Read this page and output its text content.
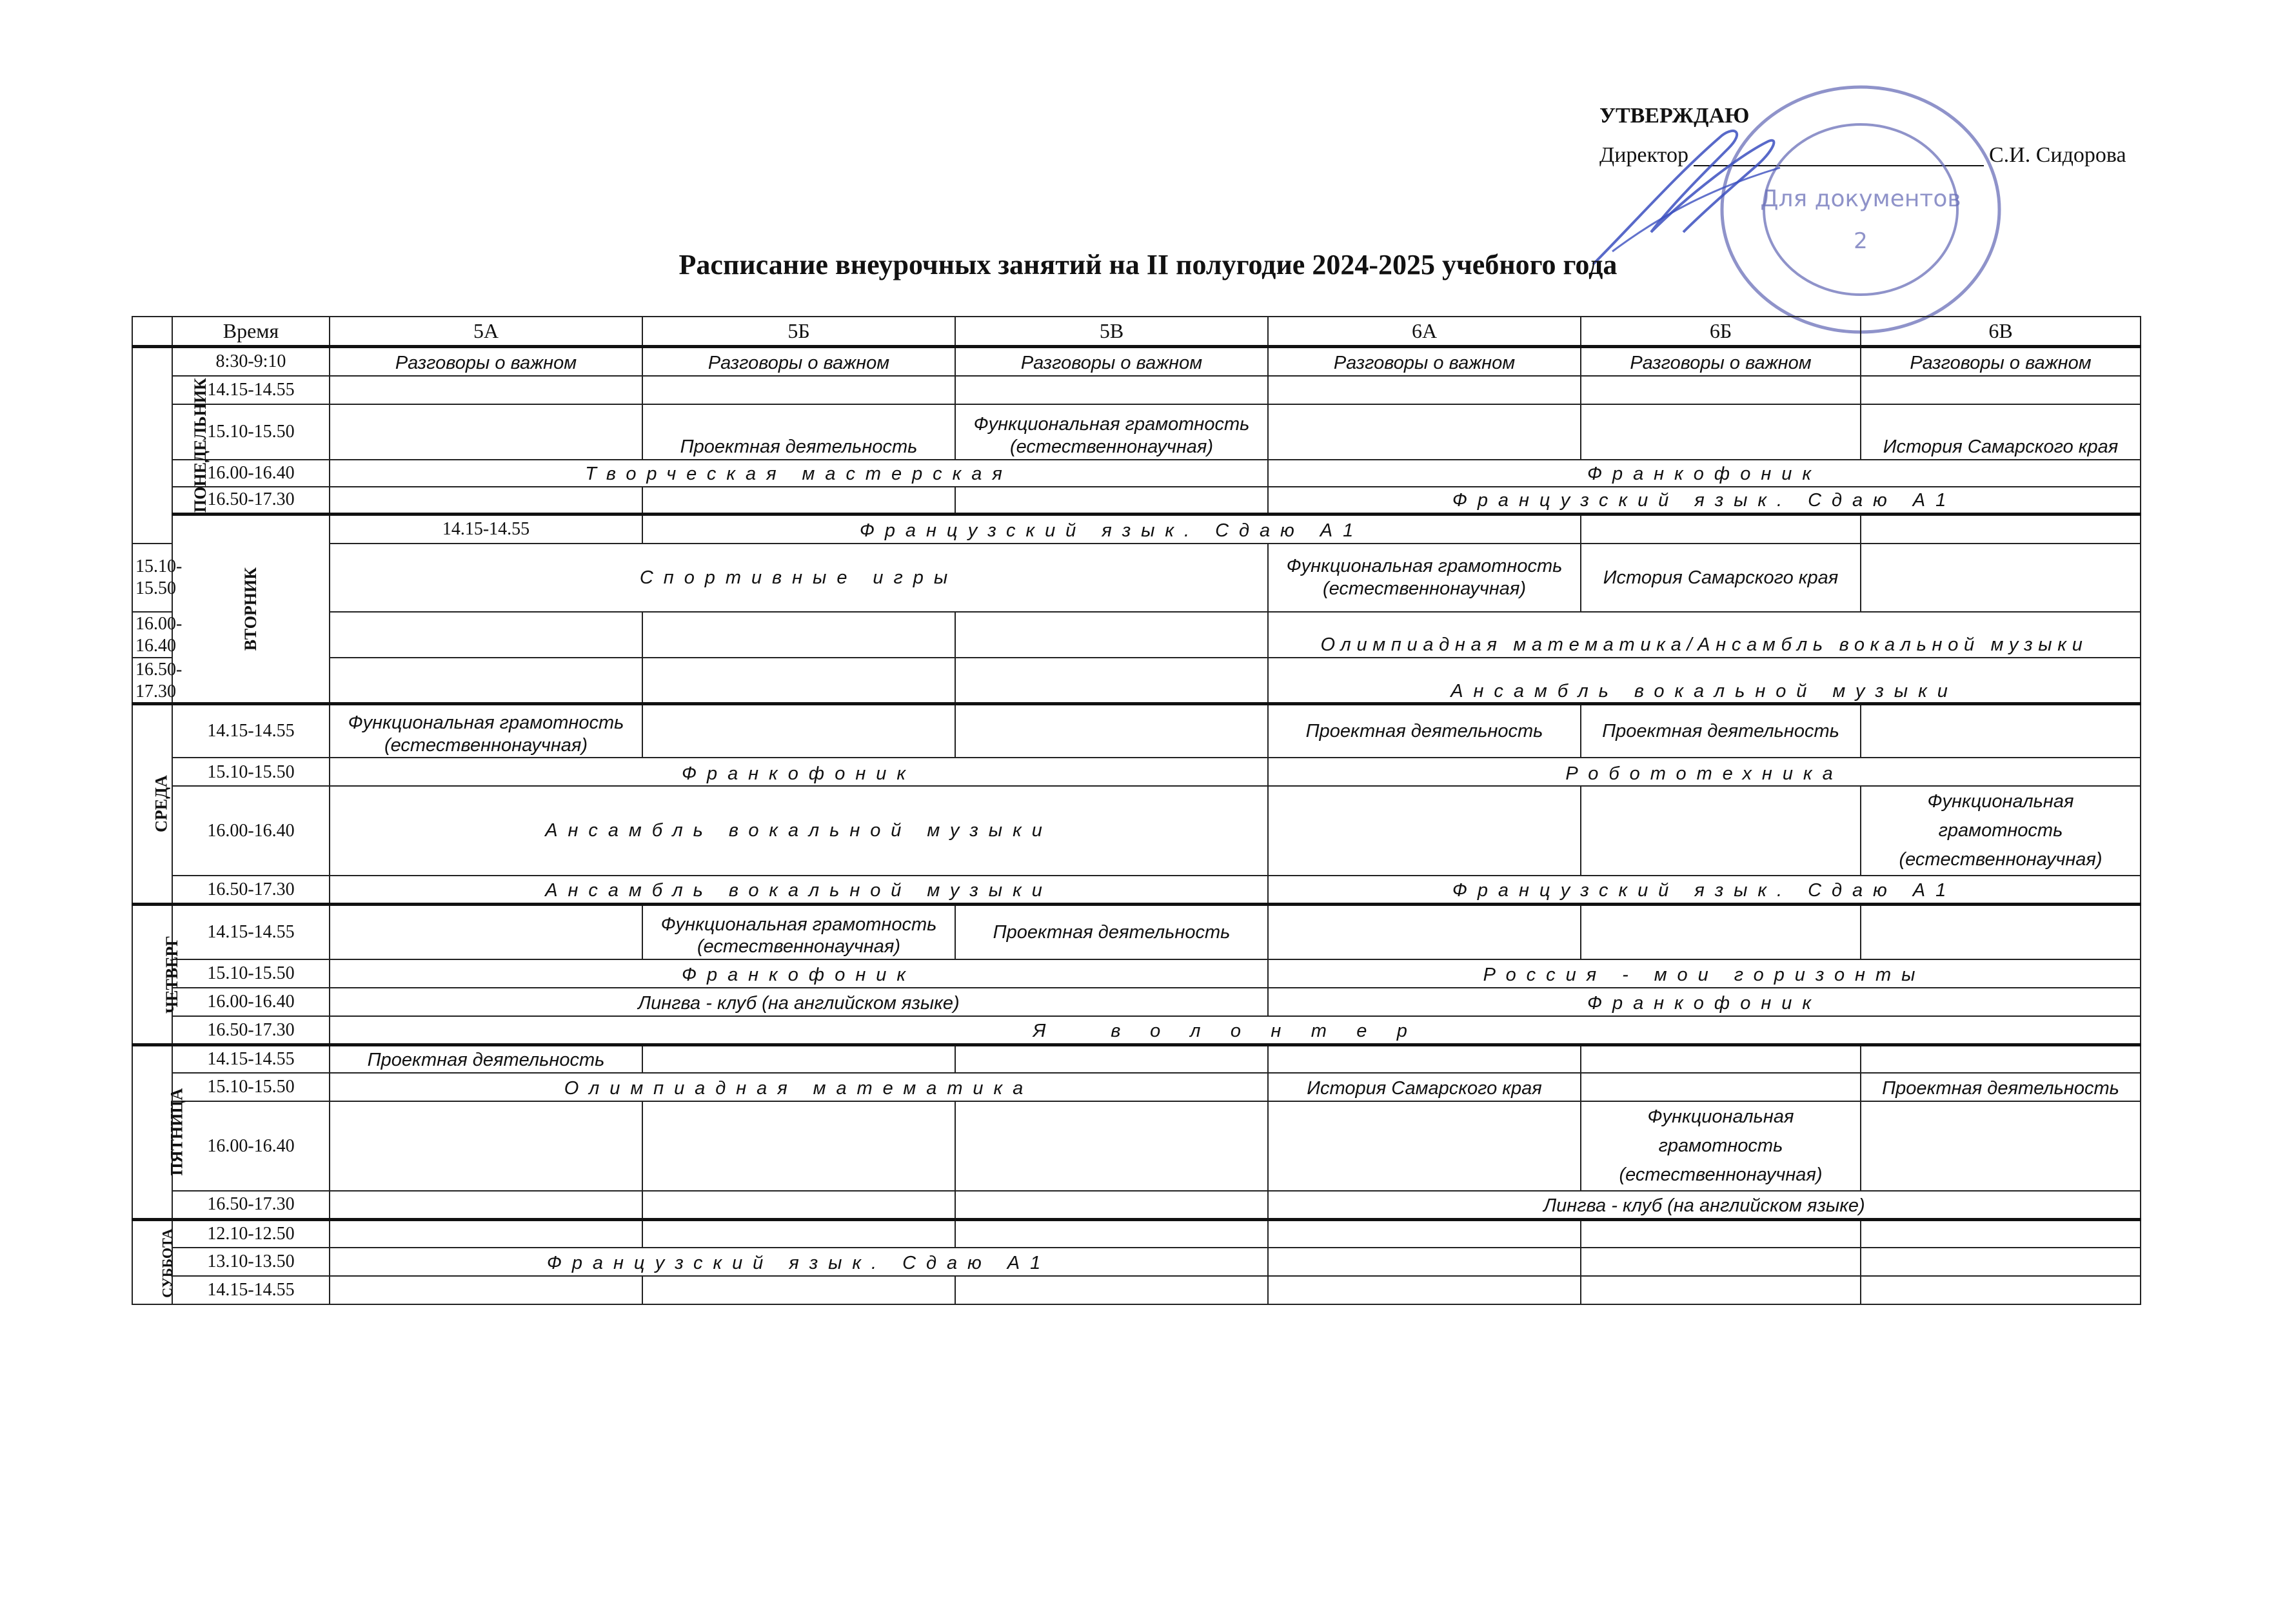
УТВЕРЖДАЮ
Директор	С.И. Сидорова
Для документов
2
Расписание внеурочных занятий на II полугодие 2024-2025 учебного года
	Время	5А	5Б	5В	6А	6Б	6В	
ПОНЕДЕЛЬНИК	8:30-9:10	Разговоры о важном	Разговоры о важном	Разговоры о важном	Разговоры о важном	Разговоры о важном	Разговоры о важном	
	14.15-14.55							
	15.10-15.50		Проектная деятельность	Функциональная грамотность (естественнонаучная)			История Самарского края	
	16.00-16.40	Творческая мастерская			Франкофоник			
	16.50-17.30				Французский язык. Сдаю А1			
	ВТОРНИК	14.15-14.55	Французский язык. Сдаю А1					
15.10-15.50		Спортивные игры			Функциональная грамотность (естественнонаучная)	История Самарского края		
16.00-16.40					Олимпиадная математика/Ансамбль вокальной музыки			
16.50-17.30					Ансамбль вокальной музыки			

СРЕДА	14.15-14.55	Функциональная грамотность (естественнонаучная)			Проектная деятельность	Проектная деятельность		
	15.10-15.50	Франкофоник			Робототехника			
	16.00-16.40	Ансамбль вокальной музыки					Функциональная грамотность (естественнонаучная)	
	16.50-17.30	Ансамбль вокальной музыки			Французский язык. Сдаю А1			
ЧЕТВЕРГ	14.15-14.55		Функциональная грамотность (естественнонаучная)	Проектная деятельность				
	15.10-15.50	Франкофоник			Россия - мои горизонты			
	16.00-16.40	Лингва - клуб (на английском языке)			Франкофоник			
	16.50-17.30	Я волонтер						
ПЯТНИЦА	14.15-14.55	Проектная деятельность						
	15.10-15.50	Олимпиадная математика			История Самарского края		Проектная деятельность	
	16.00-16.40					Функциональная грамотность (естественнонаучная)		
	16.50-17.30				Лингва - клуб (на английском языке)			
СУББОТА	12.10-12.50							
	13.10-13.50	Французский язык. Сдаю А1						
	14.15-14.55							
